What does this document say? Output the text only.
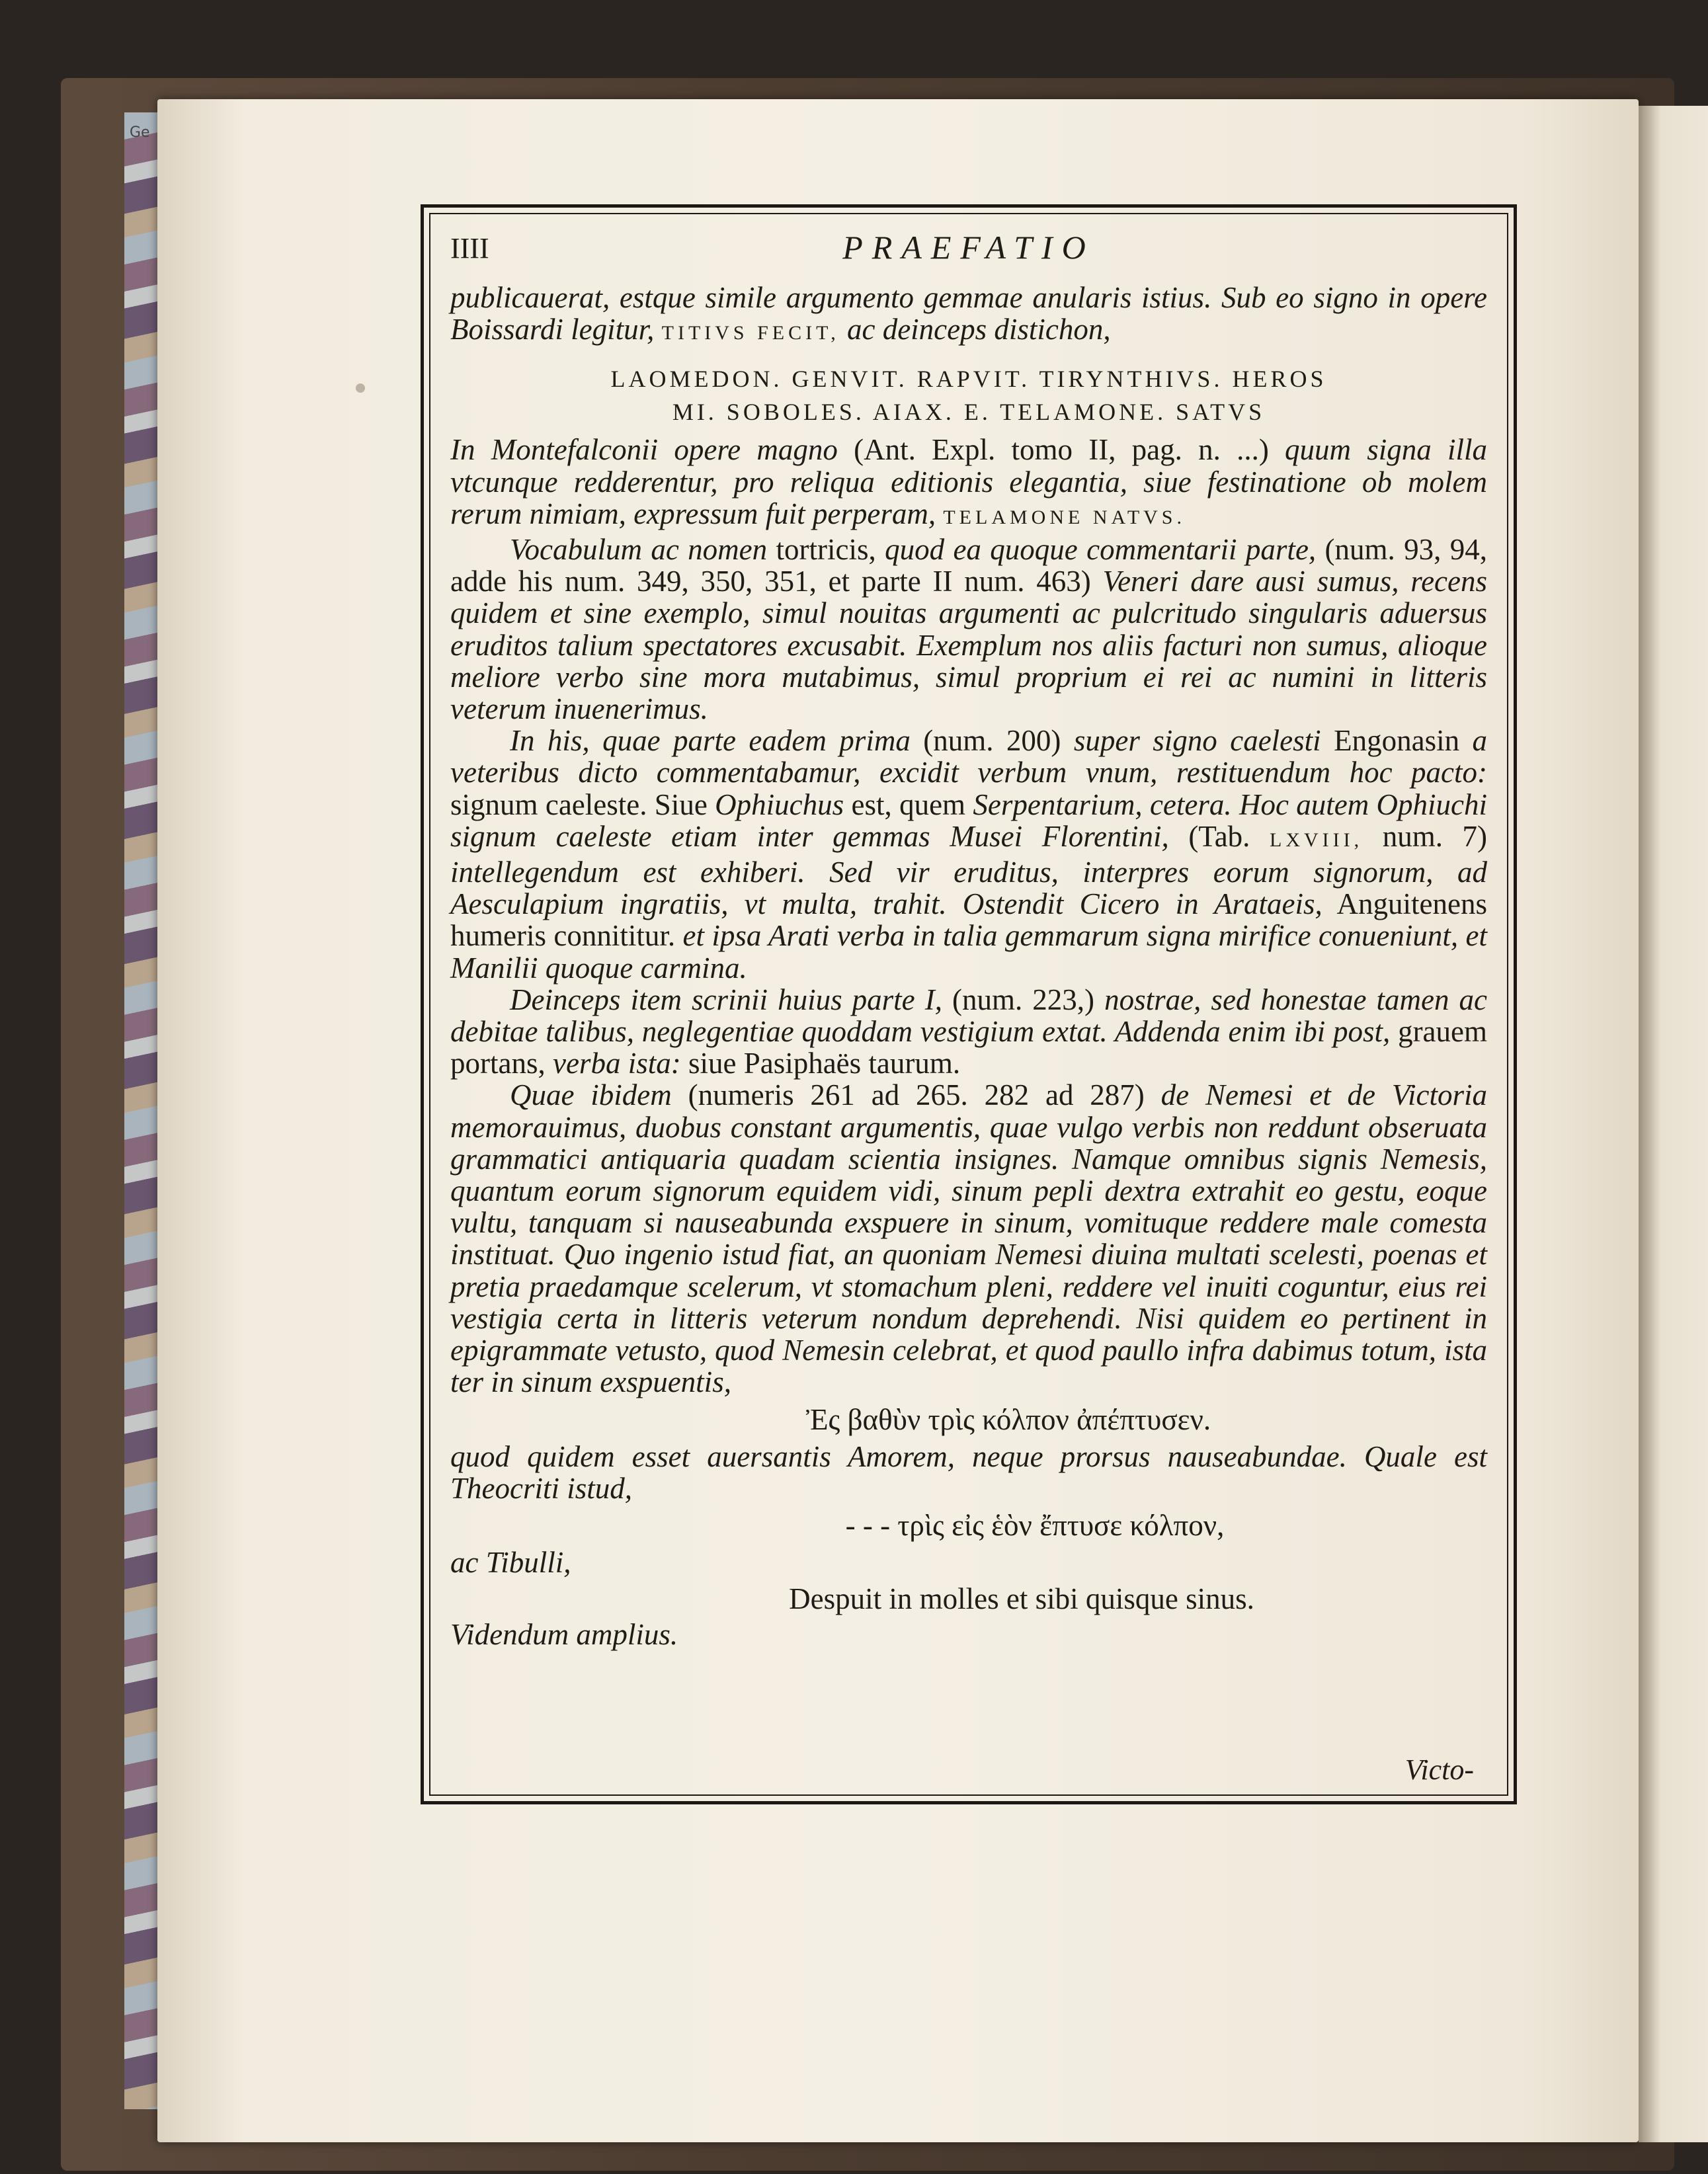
Ge
IIII	PRAEFATIO

publicauerat, estque simile argumento gemmae anularis istius. Sub eo signo in opere Boissardi legitur, TITIVS FECIT, ac deinceps distichon,

LAOMEDON. GENVIT. RAPVIT. TIRYNTHIVS. HEROS
MI. SOBOLES. AIAX. E. TELAMONE. SATVS

In Montefalconii opere magno (Ant. Expl. tomo II, pag. n. ...) quum signa illa vtcunque redderentur, pro reliqua editionis elegantia, siue festinatione ob molem rerum nimiam, expressum fuit perperam, TELAMONE NATVS.

Vocabulum ac nomen tortricis, quod ea quoque commentarii parte, (num. 93, 94, adde his num. 349, 350, 351, et parte II num. 463) Veneri dare ausi sumus, recens quidem et sine exemplo, simul nouitas argumenti ac pulcritudo singularis aduersus eruditos talium spectatores excusabit. Exemplum nos aliis facturi non sumus, alioque meliore verbo sine mora mutabimus, simul proprium ei rei ac numini in litteris veterum inuenerimus.

In his, quae parte eadem prima (num. 200) super signo caelesti Engonasin a veteribus dicto commentabamur, excidit verbum vnum, restituendum hoc pacto: signum caeleste. Siue Ophiuchus est, quem Serpentarium, cetera. Hoc autem Ophiuchi signum caeleste etiam inter gemmas Musei Florentini, (Tab. LXVIII, num. 7) intellegendum est exhiberi. Sed vir eruditus, interpres eorum signorum, ad Aesculapium ingratiis, vt multa, trahit. Ostendit Cicero in Arataeis, Anguitenens humeris connititur. et ipsa Arati verba in talia gemmarum signa mirifice conueniunt, et Manilii quoque carmina.

Deinceps item scrinii huius parte I, (num. 223,) nostrae, sed honestae tamen ac debitae talibus, neglegentiae quoddam vestigium extat. Addenda enim ibi post, grauem portans, verba ista: siue Pasiphaës taurum.

Quae ibidem (numeris 261 ad 265. 282 ad 287) de Nemesi et de Victoria memorauimus, duobus constant argumentis, quae vulgo verbis non reddunt obseruata grammatici antiquaria quadam scientia insignes. Namque omnibus signis Nemesis, quantum eorum signorum equidem vidi, sinum pepli dextra extrahit eo gestu, eoque vultu, tanquam si nauseabunda exspuere in sinum, vomituque reddere male comesta instituat. Quo ingenio istud fiat, an quoniam Nemesi diuina multati scelesti, poenas et pretia praedamque scelerum, vt stomachum pleni, reddere vel inuiti coguntur, eius rei vestigia certa in litteris veterum nondum deprehendi. Nisi quidem eo pertinent in epigrammate vetusto, quod Nemesin celebrat, et quod paullo infra dabimus totum, ista ter in sinum exspuentis,

Ἐς βαθὺν τρὶς κόλπον ἀπέπτυσεν.

quod quidem esset auersantis Amorem, neque prorsus nauseabundae. Quale est Theocriti istud,

- - - τρὶς εἰς ἑὸν ἔπτυσε κόλπον,

ac Tibulli,

Despuit in molles et sibi quisque sinus.

Videndum amplius.

Victo-
